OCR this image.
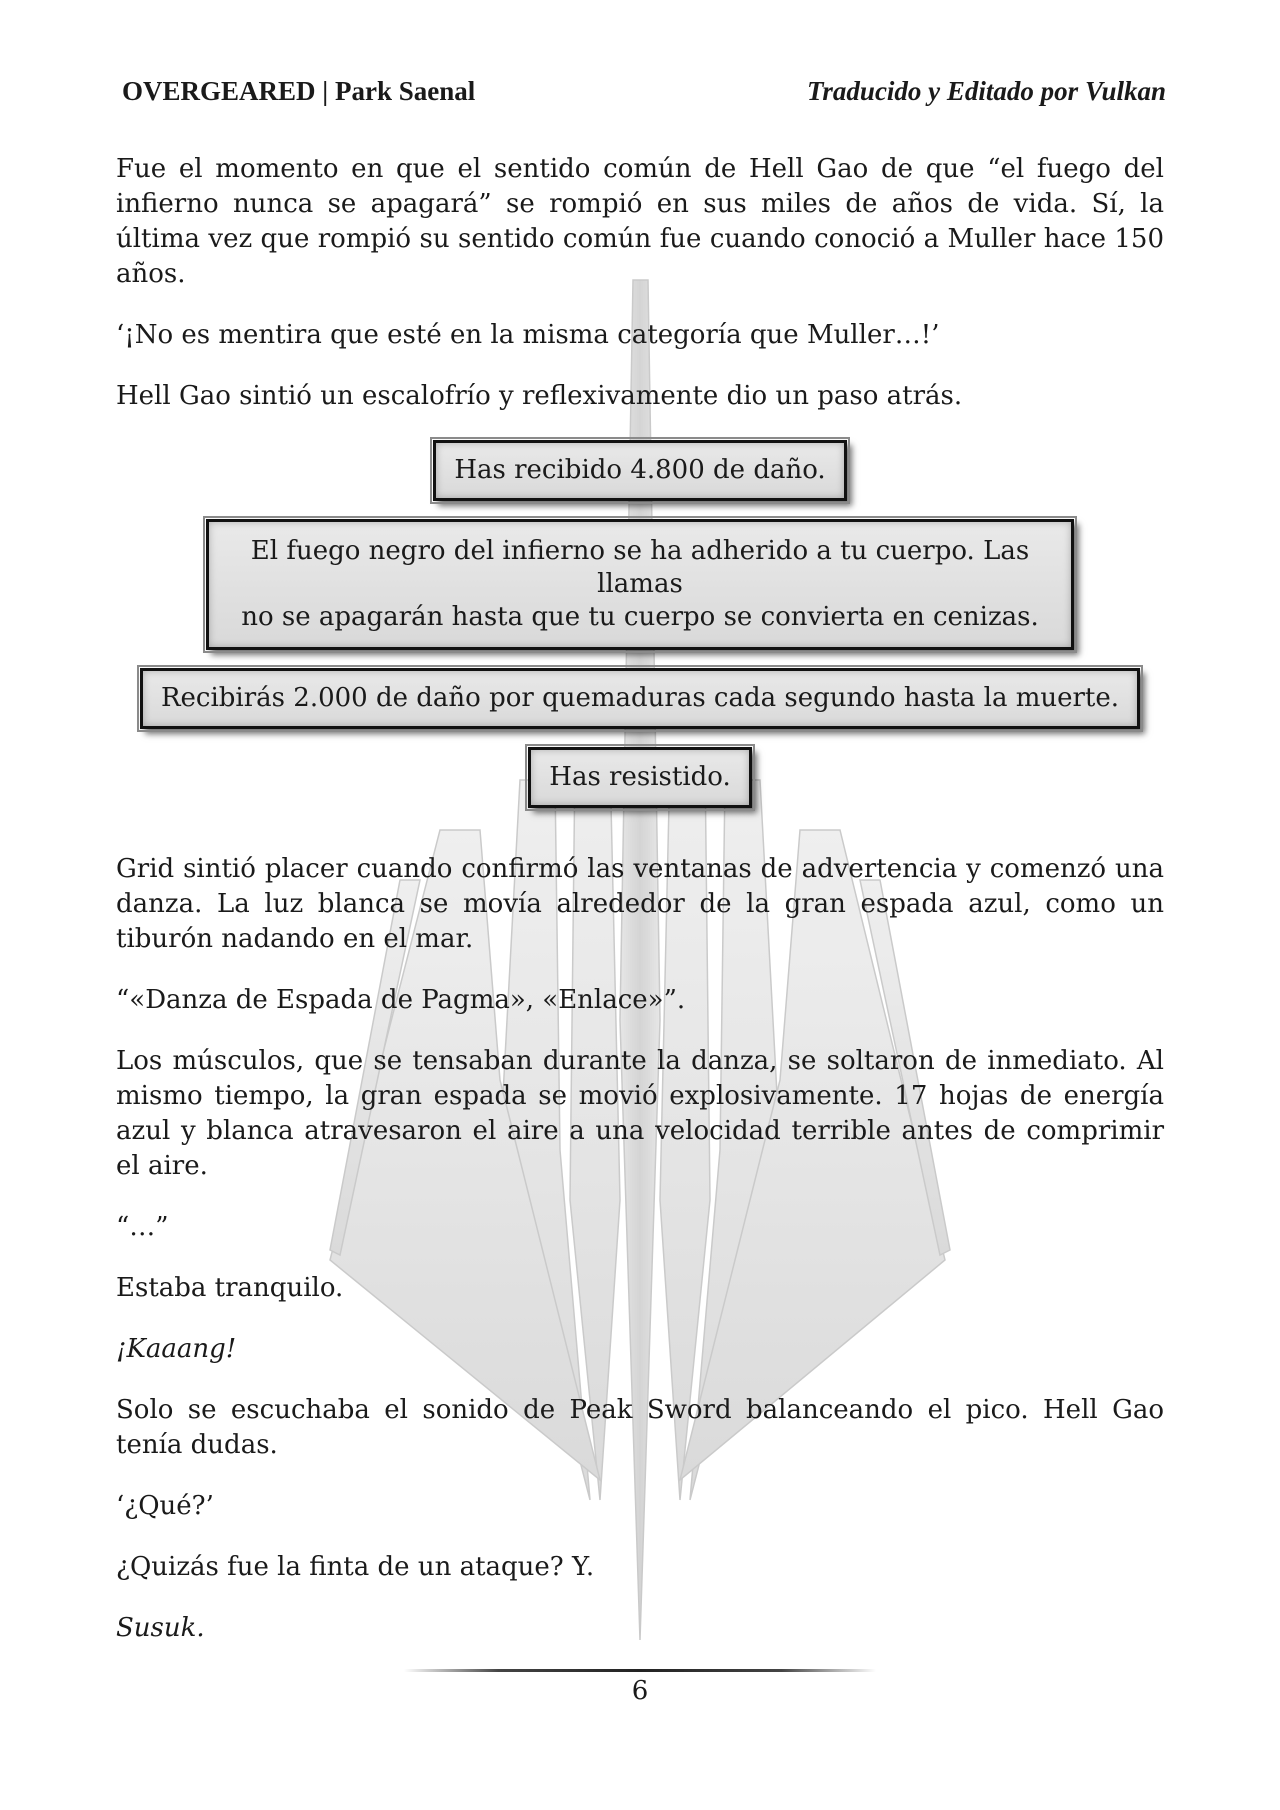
OVERGEARED | Park Saenal	Traducido y Editado por Vulkan

Fue el momento en que el sentido común de Hell Gao de que “el fuego del infierno nunca se apagará” se rompió en sus miles de años de vida. Sí, la última vez que rompió su sentido común fue cuando conoció a Muller hace 150 años.

‘¡No es mentira que esté en la misma categoría que Muller…!’

Hell Gao sintió un escalofrío y reflexivamente dio un paso atrás.

Has recibido 4.800 de daño.
El fuego negro del infierno se ha adherido a tu cuerpo. Las llamas
no se apagarán hasta que tu cuerpo se convierta en cenizas.
Recibirás 2.000 de daño por quemaduras cada segundo hasta la muerte.
Has resistido.

Grid sintió placer cuando confirmó las ventanas de advertencia y comenzó una danza. La luz blanca se movía alrededor de la gran espada azul, como un tiburón nadando en el mar.

“«Danza de Espada de Pagma», «Enlace»”.

Los músculos, que se tensaban durante la danza, se soltaron de inmediato. Al mismo tiempo, la gran espada se movió explosivamente. 17 hojas de energía azul y blanca atravesaron el aire a una velocidad terrible antes de comprimir el aire.

“…”

Estaba tranquilo.

¡Kaaang!

Solo se escuchaba el sonido de Peak Sword balanceando el pico. Hell Gao tenía dudas.

‘¿Qué?’

¿Quizás fue la finta de un ataque? Y.

Susuk.

6
